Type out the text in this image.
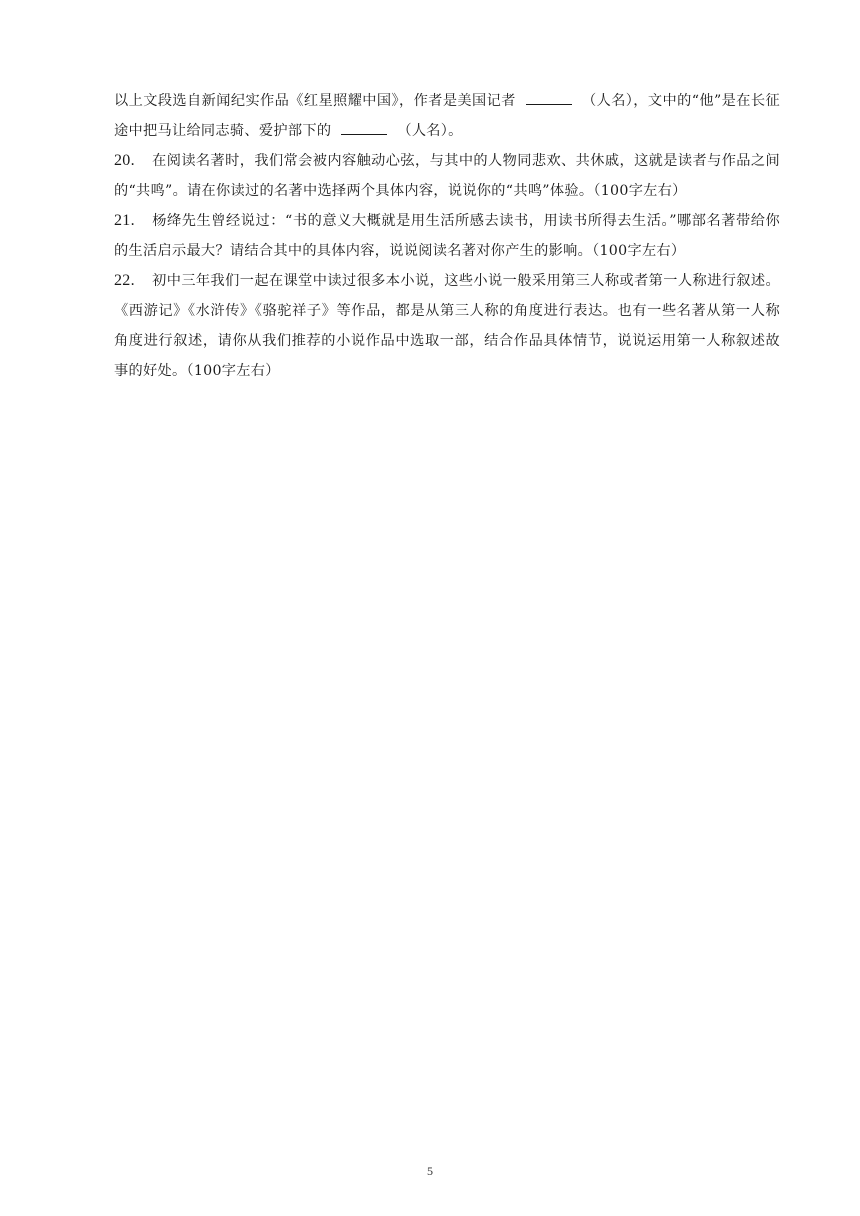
以上文段选自新闻纪实作品《红星照耀中国》，作者是美国记者	（人名），文中的“他”是在长征途中把马让给同志骑、爱护部下的	（人名）。

20. 在阅读名著时，我们常会被内容触动心弦，与其中的人物同悲欢、共休戚，这就是读者与作品之间的“共鸣”。请在你读过的名著中选择两个具体内容，说说你的“共鸣”体验。（100字左右）

21. 杨绛先生曾经说过：“书的意义大概就是用生活所感去读书，用读书所得去生活。”哪部名著带给你的生活启示最大？请结合其中的具体内容，说说阅读名著对你产生的影响。（100字左右）

22. 初中三年我们一起在课堂中读过很多本小说，这些小说一般采用第三人称或者第一人称进行叙述。《西游记》《水浒传》《骆驼祥子》等作品，都是从第三人称的角度进行表达。也有一些名著从第一人称角度进行叙述，请你从我们推荐的小说作品中选取一部，结合作品具体情节，说说运用第一人称叙述故事的好处。（100字左右）

5
